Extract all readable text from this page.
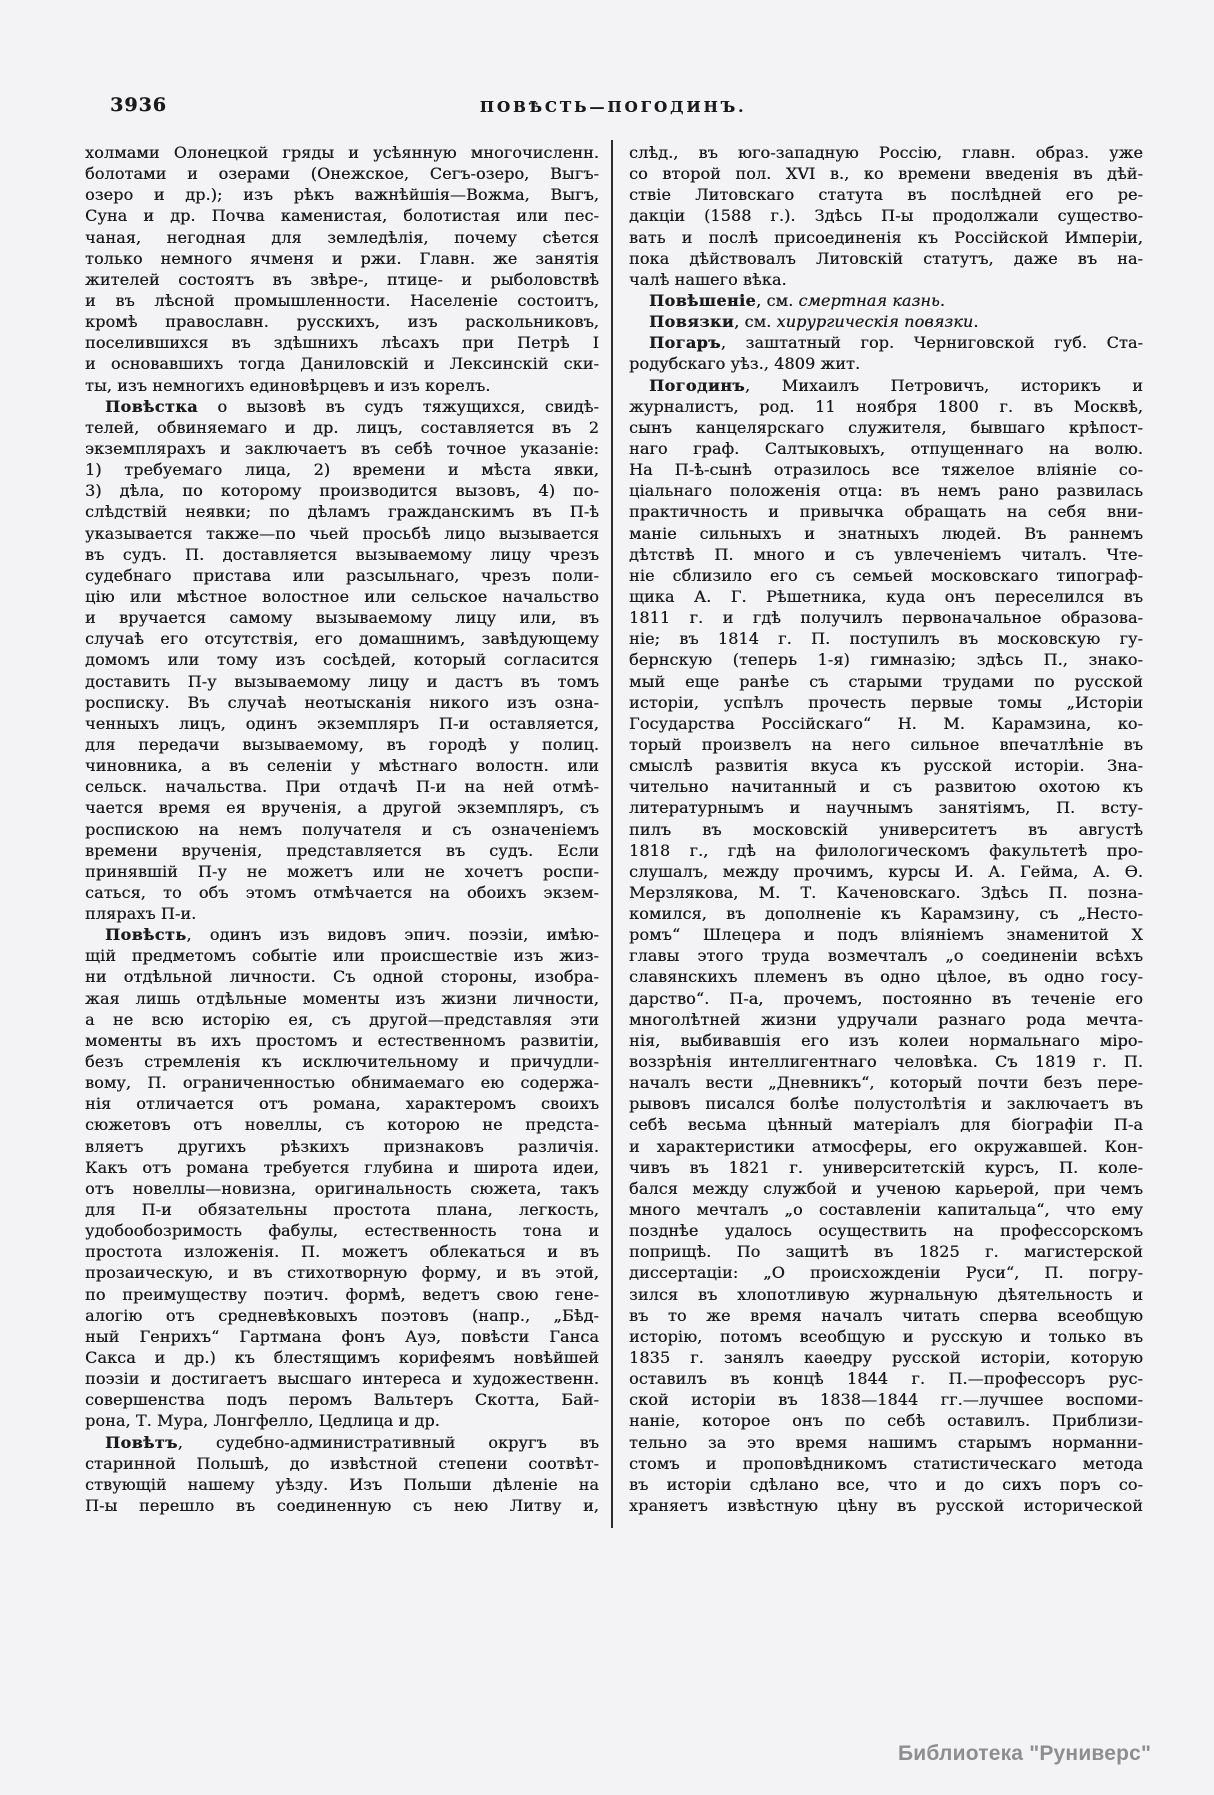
3936	ПОВѢСТЬ—ПОГОДИНЪ.
холмами Олонецкой гряды и усѣянную многочисленн.
болотами и озерами (Онежское, Сегъ-озеро, Выгъ-
озеро и др.); изъ рѣкъ важнѣйшія—Вожма, Выгъ,
Суна и др. Почва каменистая, болотистая или пес-
чаная, негодная для земледѣлія, почему сѣется
только немного ячменя и ржи. Главн. же занятія
жителей состоятъ въ звѣре-, птице- и рыболовствѣ
и въ лѣсной промышленности. Населеніе состоитъ,
кромѣ православн. русскихъ, изъ раскольниковъ,
поселившихся въ здѣшнихъ лѣсахъ при Петрѣ I
и основавшихъ тогда Даниловскій и Лексинскій ски-
ты, изъ немногихъ единовѣрцевъ и изъ корелъ.
Повѣстка о вызовѣ въ судъ тяжущихся, свидѣ-
телей, обвиняемаго и др. лицъ, составляется въ 2
экземплярахъ и заключаетъ въ себѣ точное указаніе:
1) требуемаго лица, 2) времени и мѣста явки,
3) дѣла, по которому производится вызовъ, 4) по-
слѣдствій неявки; по дѣламъ гражданскимъ въ П-ѣ
указывается также—по чьей просьбѣ лицо вызывается
въ судъ. П. доставляется вызываемому лицу чрезъ
судебнаго пристава или разсыльнаго, чрезъ поли-
цію или мѣстное волостное или сельское начальство
и вручается самому вызываемому лицу или, въ
случаѣ его отсутствія, его домашнимъ, завѣдующему
домомъ или тому изъ сосѣдей, который согласится
доставить П-у вызываемому лицу и дастъ въ томъ
росписку. Въ случаѣ неотысканія никого изъ озна-
ченныхъ лицъ, одинъ экземпляръ П-и оставляется,
для передачи вызываемому, въ городѣ у полиц.
чиновника, а въ селеніи у мѣстнаго волостн. или
сельск. начальства. При отдачѣ П-и на ней отмѣ-
чается время ея врученія, а другой экземпляръ, съ
роспискою на немъ получателя и съ означеніемъ
времени врученія, представляется въ судъ. Если
принявшій П-у не можетъ или не хочетъ роспи-
саться, то объ этомъ отмѣчается на обоихъ экзем-
плярахъ П-и.
Повѣсть, одинъ изъ видовъ эпич. поэзіи, имѣю-
щій предметомъ событіе или происшествіе изъ жиз-
ни отдѣльной личности. Съ одной стороны, изобра-
жая лишь отдѣльные моменты изъ жизни личности,
а не всю исторію ея, съ другой—представляя эти
моменты въ ихъ простомъ и естественномъ развитіи,
безъ стремленія къ исключительному и причудли-
вому, П. ограниченностью обнимаемаго ею содержа-
нія отличается отъ романа, характеромъ своихъ
сюжетовъ отъ новеллы, съ которою не предста-
вляетъ другихъ рѣзкихъ признаковъ различія.
Какъ отъ романа требуется глубина и широта идеи,
отъ новеллы—новизна, оригинальность сюжета, такъ
для П-и обязательны простота плана, легкость,
удобообозримость фабулы, естественность тона и
простота изложенія. П. можетъ облекаться и въ
прозаическую, и въ стихотворную форму, и въ этой,
по преимуществу поэтич. формѣ, ведетъ свою гене-
алогію отъ средневѣковыхъ поэтовъ (напр., „Бѣд-
ный Генрихъ“ Гартмана фонъ Ауэ, повѣсти Ганса
Сакса и др.) къ блестящимъ корифеямъ новѣйшей
поэзіи и достигаетъ высшаго интереса и художественн.
совершенства подъ перомъ Вальтеръ Скотта, Бай-
рона, Т. Мура, Лонгфелло, Цедлица и др.
Повѣтъ, судебно-административный округъ въ
старинной Польшѣ, до извѣстной степени соотвѣт-
ствующій нашему уѣзду. Изъ Польши дѣленіе на
П-ы перешло въ соединенную съ нею Литву и,
слѣд., въ юго-западную Россію, главн. образ. уже
со второй пол. XVI в., ко времени введенія въ дѣй-
ствіе Литовскаго статута въ послѣдней его ре-
дакціи (1588 г.). Здѣсь П-ы продолжали существо-
вать и послѣ присоединенія къ Россійской Имперіи,
пока дѣйствовалъ Литовскій статутъ, даже въ на-
чалѣ нашего вѣка.
Повѣшеніе, см. смертная казнь.
Повязки, см. хирургическія повязки.
Погаръ, заштатный гор. Черниговской губ. Ста-
родубскаго уѣз., 4809 жит.
Погодинъ, Михаилъ Петровичъ, историкъ и
журналистъ, род. 11 ноября 1800 г. въ Москвѣ,
сынъ канцелярскаго служителя, бывшаго крѣпост-
наго граф. Салтыковыхъ, отпущеннаго на волю.
На П-ѣ-сынѣ отразилось все тяжелое вліяніе со-
ціальнаго положенія отца: въ немъ рано развилась
практичность и привычка обращать на себя вни-
маніе сильныхъ и знатныхъ людей. Въ раннемъ
дѣтствѣ П. много и съ увлеченіемъ читалъ. Чте-
ніе сблизило его съ семьей московскаго типограф-
щика А. Г. Рѣшетника, куда онъ переселился въ
1811 г. и гдѣ получилъ первоначальное образова-
ніе; въ 1814 г. П. поступилъ въ московскую гу-
бернскую (теперь 1-я) гимназію; здѣсь П., знако-
мый еще ранѣе съ старыми трудами по русской
исторіи, успѣлъ прочесть первые томы „Исторіи
Государства Россійскаго“ Н. М. Карамзина, ко-
торый произвелъ на него сильное впечатлѣніе въ
смыслѣ развитія вкуса къ русской исторіи. Зна-
чительно начитанный и съ развитою охотою къ
литературнымъ и научнымъ занятіямъ, П. всту-
пилъ въ московскій университетъ въ августѣ
1818 г., гдѣ на филологическомъ факультетѣ про-
слушалъ, между прочимъ, курсы И. А. Гейма, А. Ѳ.
Мерзлякова, М. Т. Каченовскаго. Здѣсь П. позна-
комился, въ дополненіе къ Карамзину, съ „Несто-
ромъ“ Шлецера и подъ вліяніемъ знаменитой X
главы этого труда возмечталъ „о соединеніи всѣхъ
славянскихъ племенъ въ одно цѣлое, въ одно госу-
дарство“. П-а, прочемъ, постоянно въ теченіе его
многолѣтней жизни удручали разнаго рода мечта-
нія, выбивавшія его изъ колеи нормальнаго міро-
воззрѣнія интеллигентнаго человѣка. Съ 1819 г. П.
началъ вести „Дневникъ“, который почти безъ пере-
рывовъ писался болѣе полустолѣтія и заключаетъ въ
себѣ весьма цѣнный матеріалъ для біографіи П-а
и характеристики атмосферы, его окружавшей. Кон-
чивъ въ 1821 г. университетскій курсъ, П. коле-
бался между службой и ученою карьерой, при чемъ
много мечталъ „о составленіи капитальца“, что ему
позднѣе удалось осуществить на профессорскомъ
поприщѣ. По защитѣ въ 1825 г. магистерской
диссертаціи: „О происхожденіи Руси“, П. погру-
зился въ хлопотливую журнальную дѣятельность и
въ то же время началъ читать сперва всеобщую
исторію, потомъ всеобщую и русскую и только въ
1835 г. занялъ каѳедру русской исторіи, которую
оставилъ въ концѣ 1844 г. П.—профессоръ рус-
ской исторіи въ 1838—1844 гг.—лучшее воспоми-
наніе, которое онъ по себѣ оставилъ. Приблизи-
тельно за это время нашимъ старымъ норманни-
стомъ и проповѣдникомъ статистическаго метода
въ исторіи сдѣлано все, что и до сихъ поръ со-
храняетъ извѣстную цѣну въ русской исторической
Библиотека "Руниверс"
